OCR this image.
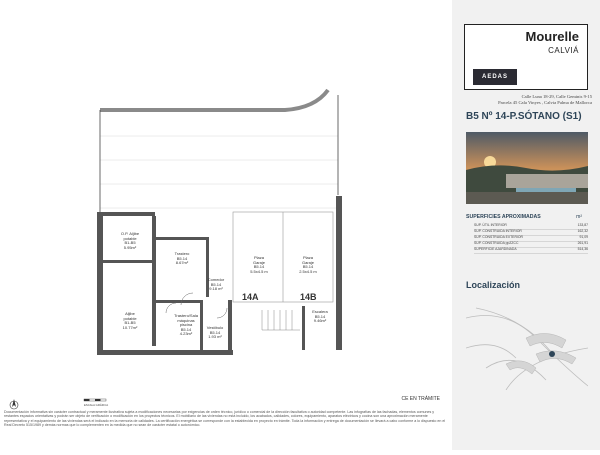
O.P. Aljibe
potable
B1-B5
5.95m²
Trastero
B5.14
8.67m²
Comedor
B5.14
9.18 m²
Plaza
Garaje
B5.14
5.5x4.5 m
Plaza
Garaje
B5.14
2.5x4.5 m
Aljibe
potable
B1-B5
10.77m²
Trastero/Sala
máquinas
piscina
B5.14
4.23m²
Vestíbulo
B5.14
1.93 m²
Escalera
B5.14
9.46m²
14A	14B
ESCALA GRÁFICA
CE EN TRÁMITE
Documentación informativa sin carácter contractual y meramente ilustrativa sujeta a modificaciones necesarias por exigencias de orden técnico, jurídico o comercial de la dirección facultativa o autoridad competente. Las infografías de las fachadas, elementos comunes y restantes espacios orientativas y podrán ser objeto de verificación o modificación en los proyectos técnicos. El mobiliario de las viviendas no está incluido, los acabados, calidades, colores, equipamiento, aparatos eléctricos y cocina son una aproximación meramente representativa y el equipamiento de las viviendas será el indicado en la memoria de calidades. La certificación energética se corresponde con la establecida en proyecto en trámite. Toda la información y entrega de documentación se llevará a cabo conforme a lo dispuesto en el Real Decreto 515/1989 y demás normas que lo complementen en la medida que no sean de carácter estatal o autonómico.
Mourelle
CALVIÁ
AEDAS
Calle Luna 18-29, Calle Geminis 9-15
Parcela 45 Cala Vinyes , Calvia Palma de Mallorca
B5 Nº 14-P.SÓTANO (S1)
SUPERFICIES APROXIMADAS	m²
SUP. ÚTIL INTERIOR	133,87
SUP. CONSTRUIDA INTERIOR	162,32
SUP. CONSTRUIDA EXTERIOR	91,09
SUP. CONSTRUIDA ppZZCC	261,91
SUPERFICIE AJARDINADA	514,36
Localización
